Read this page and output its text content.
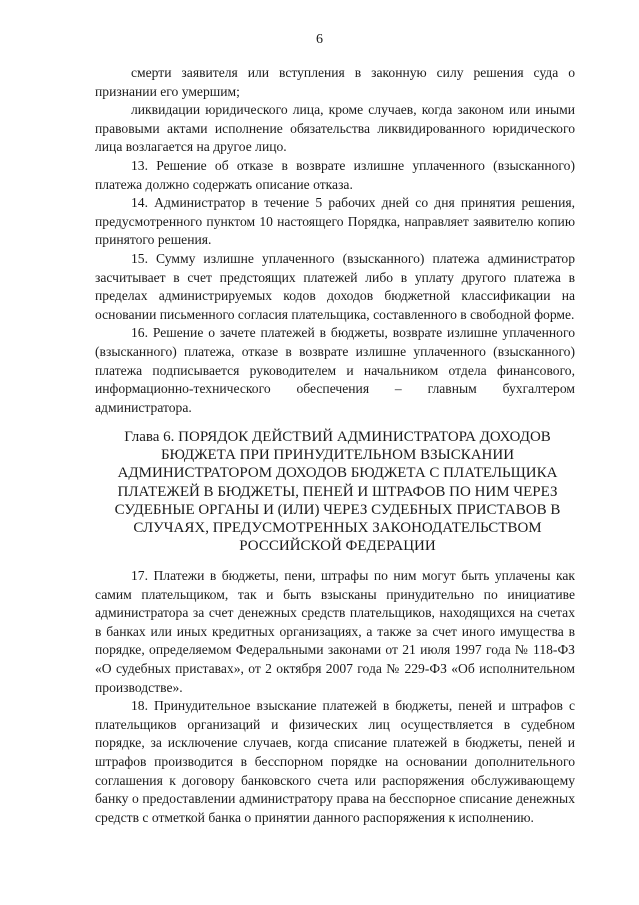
6

смерти заявителя или вступления в законную силу решения суда о признании его умершим;

ликвидации юридического лица, кроме случаев, когда законом или иными правовыми актами исполнение обязательства ликвидированного юридического лица возлагается на другое лицо.

13. Решение об отказе в возврате излишне уплаченного (взысканного) платежа должно содержать описание отказа.

14. Администратор в течение 5 рабочих дней со дня принятия решения, предусмотренного пунктом 10 настоящего Порядка, направляет заявителю копию принятого решения.

15. Сумму излишне уплаченного (взысканного) платежа администратор засчитывает в счет предстоящих платежей либо в уплату другого платежа в пределах администрируемых кодов доходов бюджетной классификации на основании письменного согласия плательщика, составленного в свободной форме.

16. Решение о зачете платежей в бюджеты, возврате излишне уплаченного (взысканного) платежа, отказе в возврате излишне уплаченного (взысканного) платежа подписывается руководителем и начальником отдела финансового, информационно-технического обеспечения – главным бухгалтером администратора.

Глава 6. ПОРЯДОК ДЕЙСТВИЙ АДМИНИСТРАТОРА ДОХОДОВ БЮДЖЕТА ПРИ ПРИНУДИТЕЛЬНОМ ВЗЫСКАНИИ АДМИНИСТРАТОРОМ ДОХОДОВ БЮДЖЕТА С ПЛАТЕЛЬЩИКА ПЛАТЕЖЕЙ В БЮДЖЕТЫ, ПЕНЕЙ И ШТРАФОВ ПО НИМ ЧЕРЕЗ СУДЕБНЫЕ ОРГАНЫ И (ИЛИ) ЧЕРЕЗ СУДЕБНЫХ ПРИСТАВОВ В СЛУЧАЯХ, ПРЕДУСМОТРЕННЫХ ЗАКОНОДАТЕЛЬСТВОМ РОССИЙСКОЙ ФЕДЕРАЦИИ

17. Платежи в бюджеты, пени, штрафы по ним могут быть уплачены как самим плательщиком, так и быть взысканы принудительно по инициативе администратора за счет денежных средств плательщиков, находящихся на счетах в банках или иных кредитных организациях, а также за счет иного имущества в порядке, определяемом Федеральными законами от 21 июля 1997 года № 118-ФЗ «О судебных приставах», от 2 октября 2007 года № 229-ФЗ «Об исполнительном производстве».

18. Принудительное взыскание платежей в бюджеты, пеней и штрафов с плательщиков организаций и физических лиц осуществляется в судебном порядке, за исключение случаев, когда списание платежей в бюджеты, пеней и штрафов производится в бесспорном порядке на основании дополнительного соглашения к договору банковского счета или распоряжения обслуживающему банку о предоставлении администратору права на бесспорное списание денежных средств с отметкой банка о принятии данного распоряжения к исполнению.
